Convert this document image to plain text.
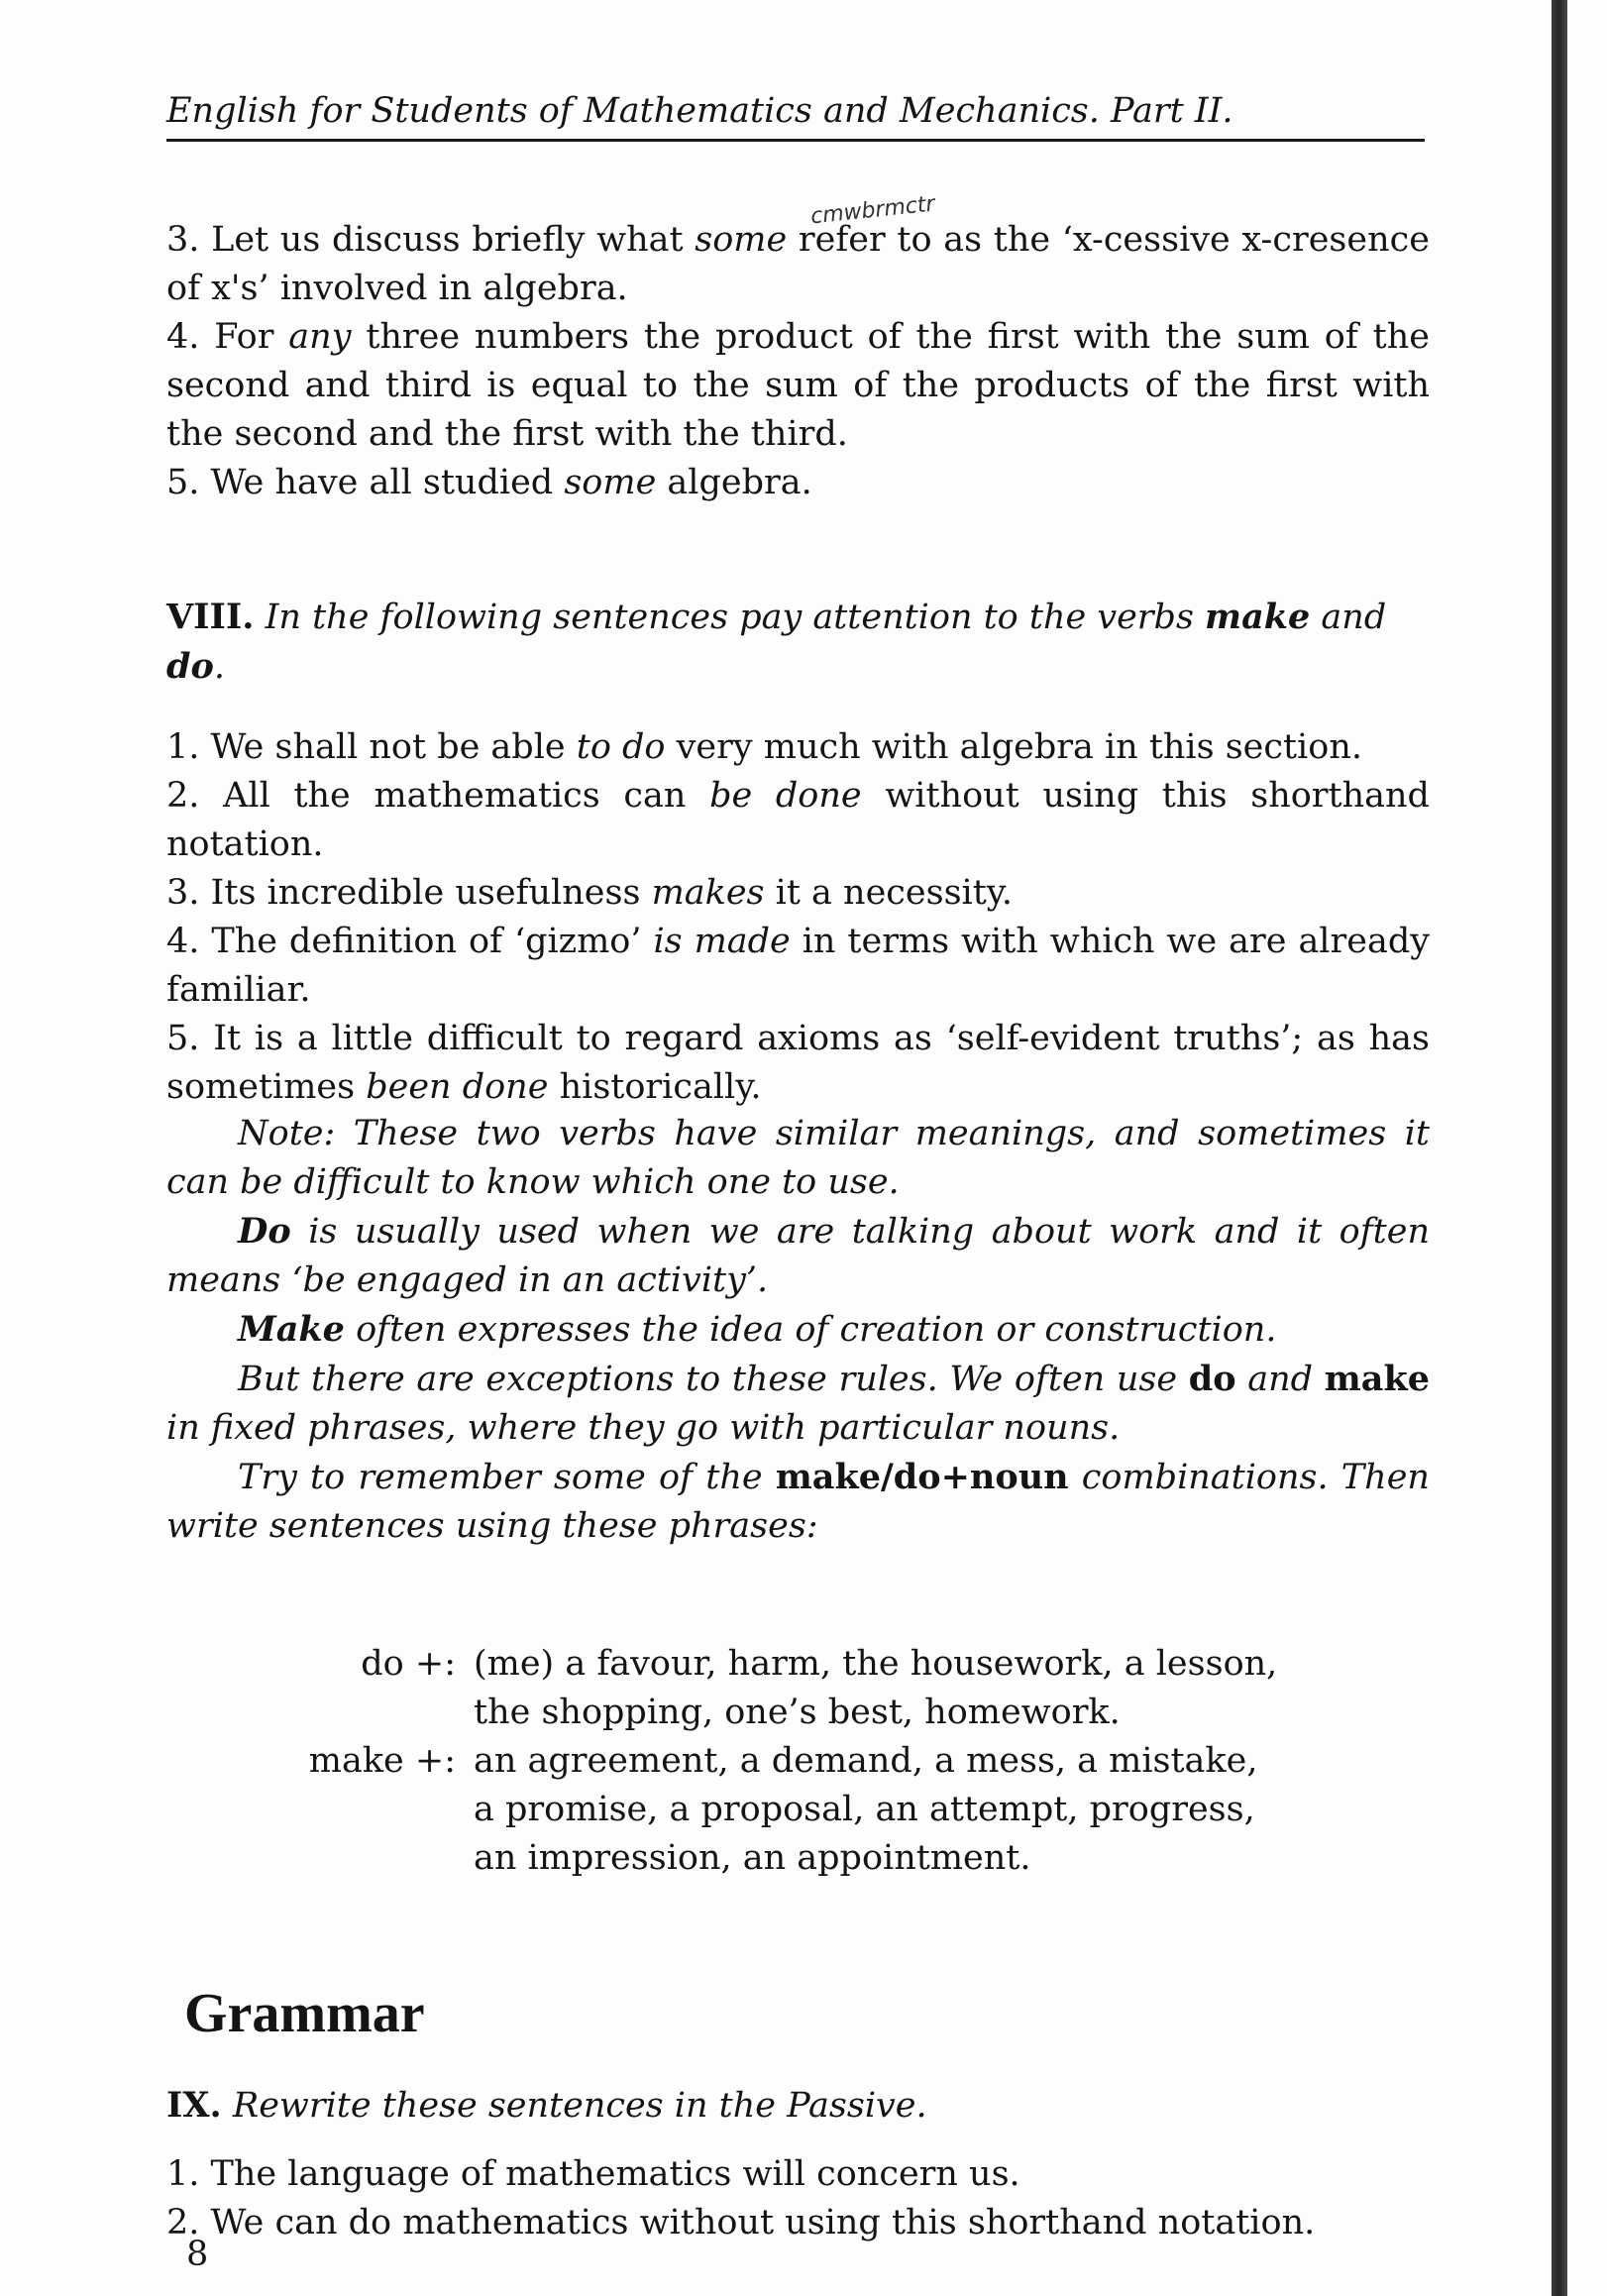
English for Students of Mathematics and Mechanics. Part II.
cmwbrmctr

3. Let us discuss briefly what some refer to as the ‘x-cessive x-cresence of x's’ involved in algebra.

4. For any three numbers the product of the first with the sum of the second and third is equal to the sum of the products of the first with the second and the first with the third.

5. We have all studied some algebra.

VIII. In the following sentences pay attention to the verbs make and do.

1. We shall not be able to do very much with algebra in this section.

2. All the mathematics can be done without using this shorthand notation.

3. Its incredible usefulness makes it a necessity.

4. The definition of ‘gizmo’ is made in terms with which we are already familiar.

5. It is a little difficult to regard axioms as ‘self-evident truths’; as has sometimes been done historically.

Note: These two verbs have similar meanings, and sometimes it can be difficult to know which one to use.

Do is usually used when we are talking about work and it often means ‘be engaged in an activity’.

Make often expresses the idea of creation or construction.

But there are exceptions to these rules. We often use do and make in fixed phrases, where they go with particular nouns.

Try to remember some of the make/do+noun combinations. Then write sentences using these phrases:

do +: (me) a favour, harm, the housework, a lesson, the shopping, one’s best, homework.
make +: an agreement, a demand, a mess, a mistake, a promise, a proposal, an attempt, progress, an impression, an appointment.
Grammar

IX. Rewrite these sentences in the Passive.

1. The language of mathematics will concern us.

2. We can do mathematics without using this shorthand notation.

8
